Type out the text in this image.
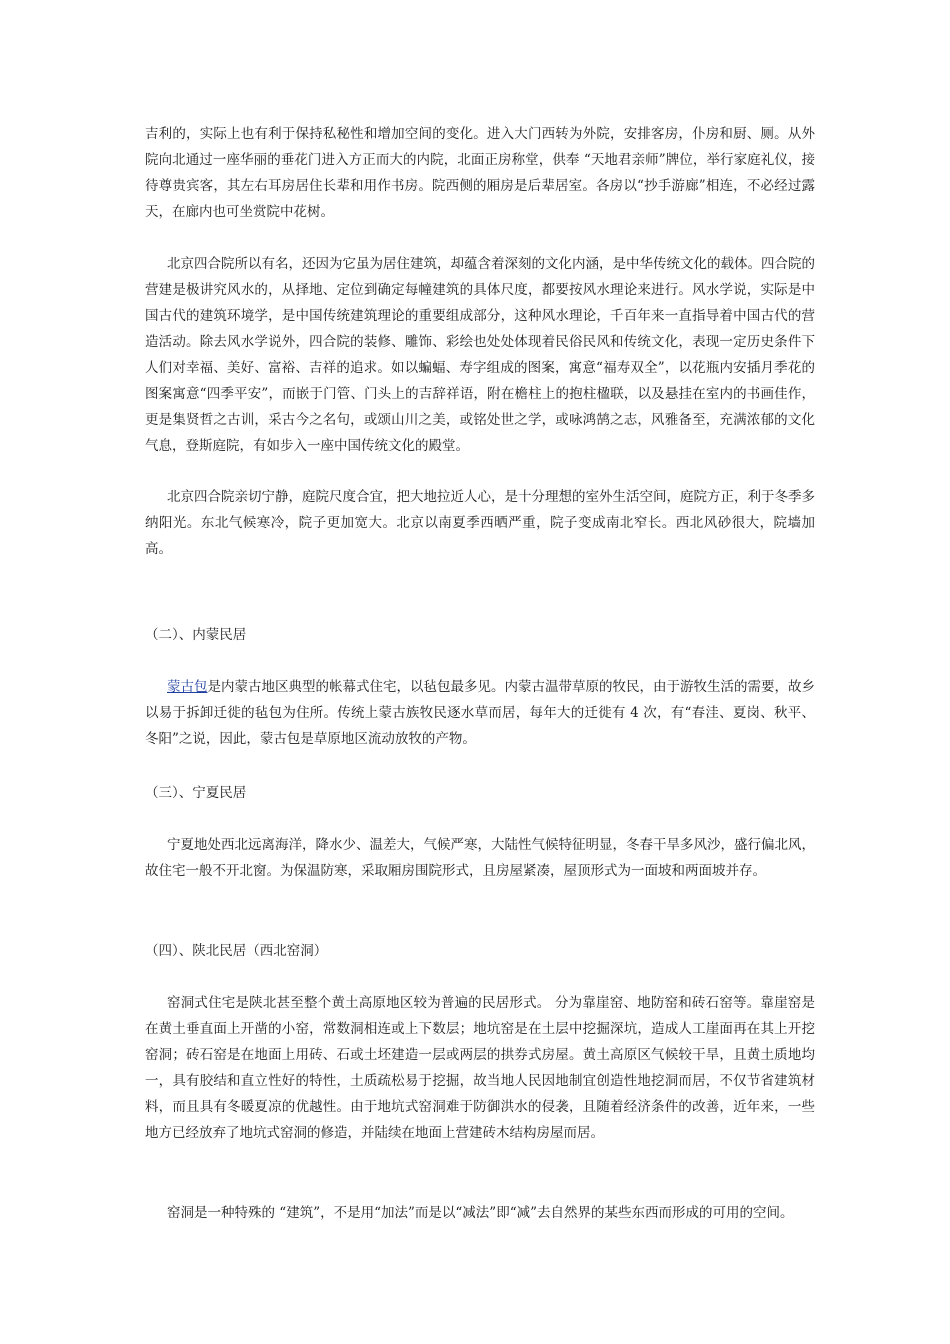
吉利的，实际上也有利于保持私秘性和增加空间的变化。进入大门西转为外院，安排客房，仆房和厨、厕。从外院向北通过一座华丽的垂花门进入方正而大的内院，北面正房称堂，供奉 “天地君亲师”牌位，举行家庭礼仪，接待尊贵宾客，其左右耳房居住长辈和用作书房。院西侧的厢房是后辈居室。各房以“抄手游廊”相连，不必经过露天，在廊内也可坐赏院中花树。

北京四合院所以有名，还因为它虽为居住建筑，却蕴含着深刻的文化内涵，是中华传统文化的载体。四合院的营建是极讲究风水的，从择地、定位到确定每幢建筑的具体尺度，都要按风水理论来进行。风水学说，实际是中国古代的建筑环境学，是中国传统建筑理论的重要组成部分，这种风水理论，千百年来一直指导着中国古代的营造活动。除去风水学说外，四合院的装修、雕饰、彩绘也处处体现着民俗民风和传统文化，表现一定历史条件下人们对幸福、美好、富裕、吉祥的追求。如以蝙蝠、寿字组成的图案，寓意“福寿双全”，以花瓶内安插月季花的图案寓意“四季平安”，而嵌于门管、门头上的吉辞祥语，附在檐柱上的抱柱楹联，以及悬挂在室内的书画佳作，更是集贤哲之古训，采古今之名句，或颂山川之美，或铭处世之学，或咏鸿鹄之志，风雅备至，充满浓郁的文化气息，登斯庭院，有如步入一座中国传统文化的殿堂。

北京四合院亲切宁静，庭院尺度合宜，把大地拉近人心，是十分理想的室外生活空间，庭院方正，利于冬季多纳阳光。东北气候寒冷，院子更加宽大。北京以南夏季西晒严重，院子变成南北窄长。西北风砂很大，院墙加高。

（二）、内蒙民居

蒙古包是内蒙古地区典型的帐幕式住宅，以毡包最多见。内蒙古温带草原的牧民，由于游牧生活的需要，故乡以易于拆卸迁徙的毡包为住所。传统上蒙古族牧民逐水草而居，每年大的迁徙有 4 次，有“春洼、夏岗、秋平、冬阳”之说，因此，蒙古包是草原地区流动放牧的产物。

（三）、宁夏民居

宁夏地处西北远离海洋，降水少、温差大，气候严寒，大陆性气候特征明显，冬春干旱多风沙，盛行偏北风，故住宅一般不开北窗。为保温防寒，采取厢房围院形式，且房屋紧凑，屋顶形式为一面坡和两面坡并存。

（四）、陕北民居（西北窑洞）

窑洞式住宅是陕北甚至整个黄土高原地区较为普遍的民居形式。 分为靠崖窑、地防窑和砖石窑等。靠崖窑是在黄土垂直面上开凿的小窑，常数洞相连或上下数层；地坑窑是在土层中挖掘深坑，造成人工崖面再在其上开挖窑洞；砖石窑是在地面上用砖、石或土坯建造一层或两层的拱券式房屋。黄土高原区气候较干旱，且黄土质地均一，具有胶结和直立性好的特性，土质疏松易于挖掘，故当地人民因地制宜创造性地挖洞而居，不仅节省建筑材料，而且具有冬暖夏凉的优越性。由于地坑式窑洞难于防御洪水的侵袭，且随着经济条件的改善，近年来，一些地方已经放弃了地坑式窑洞的修造，并陆续在地面上营建砖木结构房屋而居。

窑洞是一种特殊的 “建筑”，不是用“加法”而是以“减法”即“减”去自然界的某些东西而形成的可用的空间。
